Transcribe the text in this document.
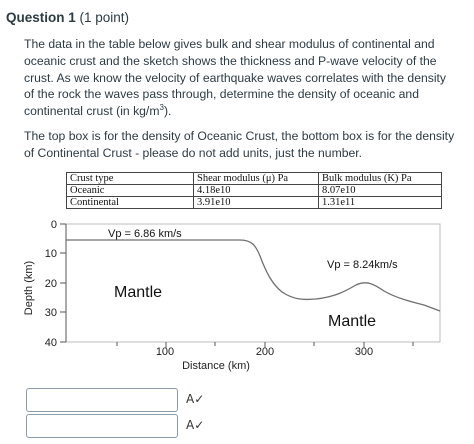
Question 1 (1 point)

The data in the table below gives bulk and shear modulus of continental and oceanic crust and the sketch shows the thickness and P-wave velocity of the crust. As we know the velocity of earthquake waves correlates with the density of the rock the waves pass through, determine the density of oceanic and continental crust (in $kg/m^3$).

The top box is for the density of Oceanic Crust, the bottom box is for the density of Continental Crust - please do not add units, just the number.
Crust type	Shear modulus (μ) Pa	Bulk modulus (K) Pa
Oceanic	4.18e10	8.07e10
Continental	3.91e10	1.31e11
0
10
20
30
40
Depth (km)
100	200	300
Distance (km)
Vp = 6.86 km/s
Vp = 8.24km/s
Mantle
Mantle
A✓
A✓
